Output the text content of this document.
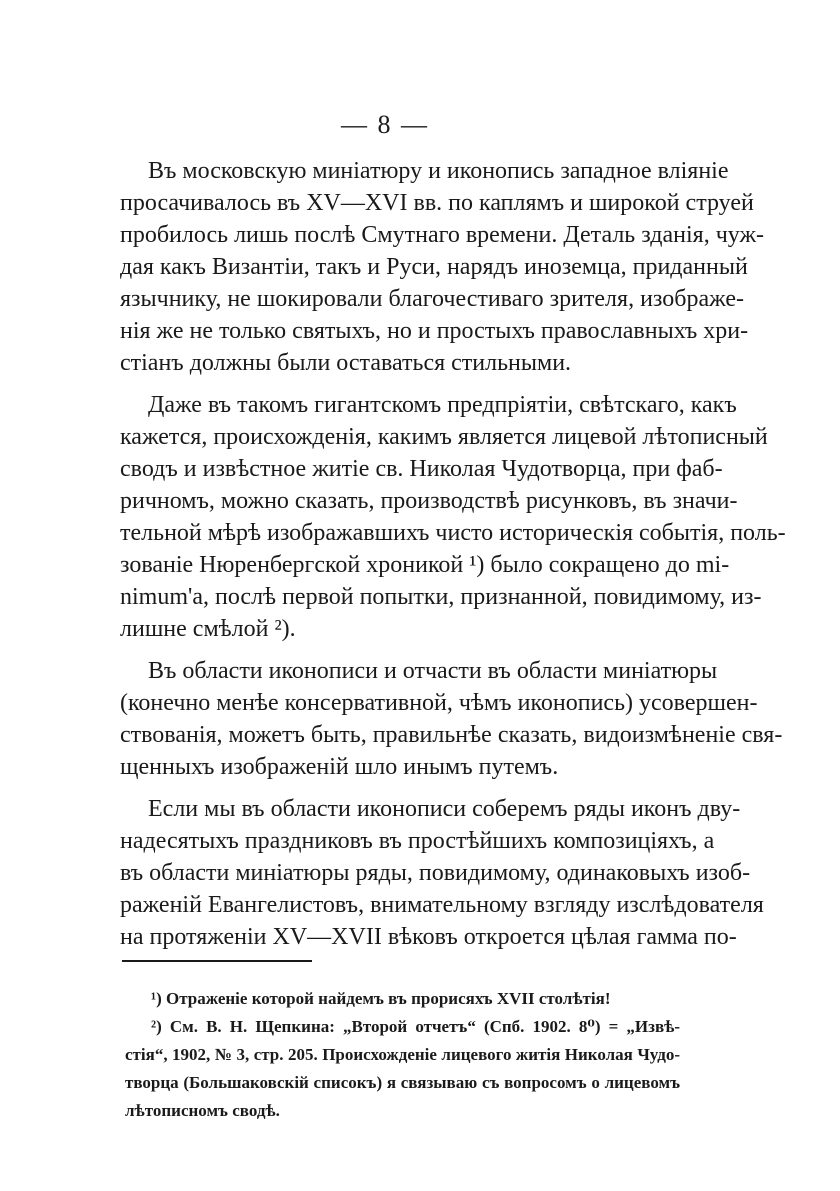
— 8 —
Въ московскую миніатюру и иконопись западное вліяніе
просачивалось въ XV—XVI вв. по каплямъ и широкой струей
пробилось лишь послѣ Смутнаго времени. Деталь зданія, чуж-
дая какъ Византіи, такъ и Руси, нарядъ иноземца, приданный
язычнику, не шокировали благочестиваго зрителя, изображе-
нія же не только святыхъ, но и простыхъ православныхъ хри-
стіанъ должны были оставаться стильными.
Даже въ такомъ гигантскомъ предпріятіи, свѣтскаго, какъ
кажется, происхожденія, какимъ является лицевой лѣтописный
сводъ и извѣстное житіе св. Николая Чудотворца, при фаб-
ричномъ, можно сказать, производствѣ рисунковъ, въ значи-
тельной мѣрѣ изображавшихъ чисто историческія событія, поль-
зованіе Нюренбергской хроникой ¹) было сокращено до mi-
nimum'а, послѣ первой попытки, признанной, повидимому, из-
лишне смѣлой ²).
Въ области иконописи и отчасти въ области миніатюры
(конечно менѣе консервативной, чѣмъ иконопись) усовершен-
ствованія, можетъ быть, правильнѣе сказать, видоизмѣненіе свя-
щенныхъ изображеній шло инымъ путемъ.
Если мы въ области иконописи соберемъ ряды иконъ дву-
надесятыхъ праздниковъ въ простѣйшихъ композиціяхъ, а
въ области миніатюры ряды, повидимому, одинаковыхъ изоб-
раженій Евангелистовъ, внимательному взгляду изслѣдователя
на протяженіи XV—XVII вѣковъ откроется цѣлая гамма по-
¹) Отраженіе которой найдемъ въ прорисяхъ XVII столѣтія!
²) См. В. Н. Щепкина: „Второй отчетъ“ (Спб. 1902. 8⁰) = „Извѣ-
стія“, 1902, № 3, стр. 205. Происхожденіе лицевого житія Николая Чудо-
творца (Большаковскій списокъ) я связываю съ вопросомъ о лицевомъ
лѣтописномъ сводѣ.
